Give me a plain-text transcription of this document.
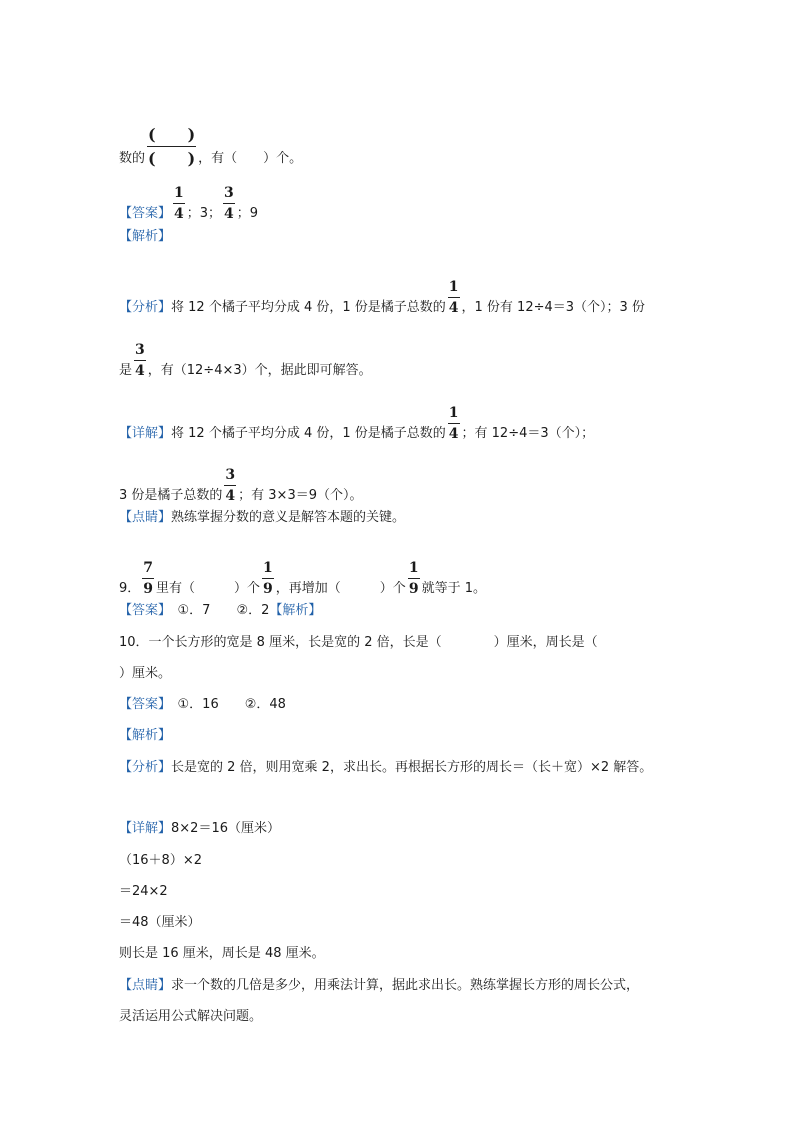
数的 $\frac{( )}{( )}$ ，有（　　）个。
【答案】 $\frac{1}{4}$ ；3； $\frac{3}{4}$ ；9
【解析】
【分析】将 12 个橘子平均分成 4 份，1 份是橘子总数的 $\frac{1}{4}$ ，1 份有 12÷4＝3（个）；3 份
是 $\frac{3}{4}$ ，有（12÷4×3）个，据此即可解答。
【详解】将 12 个橘子平均分成 4 份，1 份是橘子总数的 $\frac{1}{4}$ ；有 12÷4＝3（个）；
3 份是橘子总数的 $\frac{3}{4}$ ；有 3×3＝9（个）。
【点睛】熟练掌握分数的意义是解答本题的关键。
9． $\frac{7}{9}$ 里有（　　　）个 $\frac{1}{9}$ ，再增加（　　　）个 $\frac{1}{9}$ 就等于 1。
【答案】　①．7　　②．2【解析】
10．一个长方形的宽是 8 厘米，长是宽的 2 倍，长是（　　　　）厘米，周长是（
）厘米。
【答案】　①．16　　②．48
【解析】
【分析】长是宽的 2 倍，则用宽乘 2，求出长。再根据长方形的周长＝（长＋宽）×2 解答。
【详解】8×2＝16（厘米）
（16＋8）×2
＝24×2
＝48（厘米）
则长是 16 厘米，周长是 48 厘米。
【点睛】求一个数的几倍是多少，用乘法计算，据此求出长。熟练掌握长方形的周长公式，
灵活运用公式解决问题。
